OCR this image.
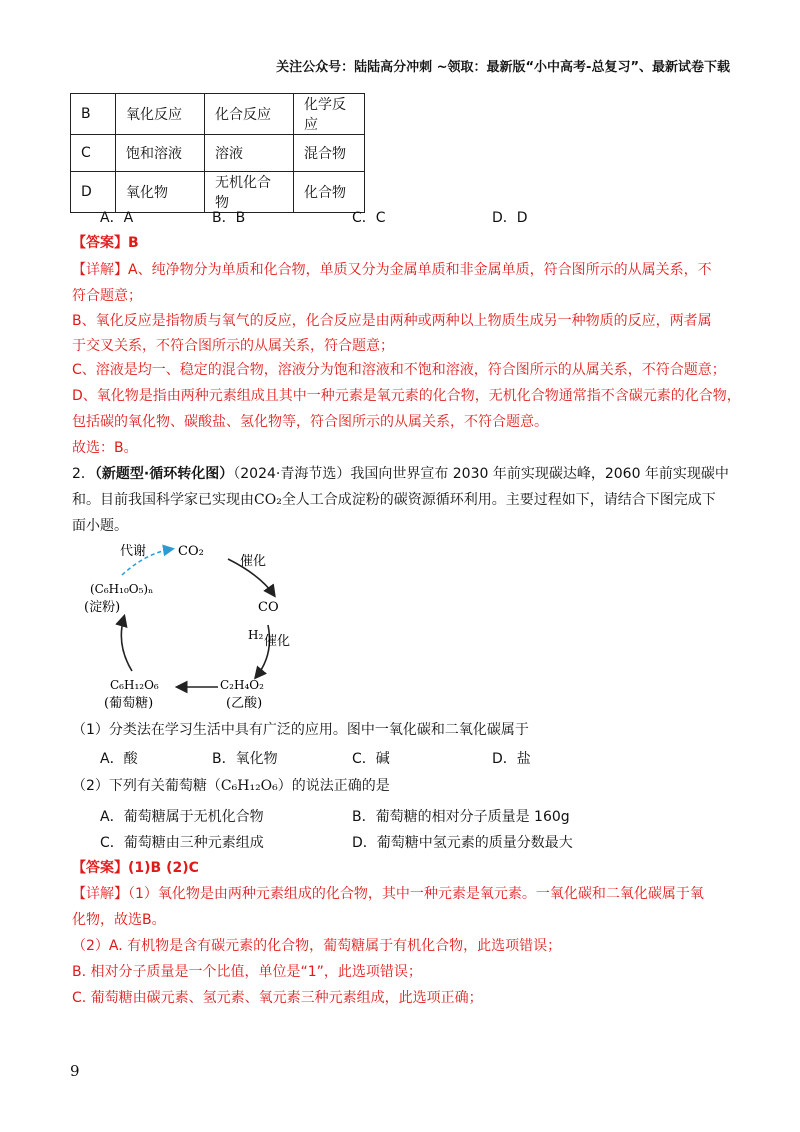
关注公众号：陆陆高分冲刺 ~领取：最新版“小中高考-总复习”、最新试卷下载
B	氧化反应	化合反应	化学反应
C	饱和溶液	溶液	混合物
D	氧化物	无机化合物	化合物
A．A	B．B	C．C	D．D
【答案】B
【详解】A、纯净物分为单质和化合物，单质又分为金属单质和非金属单质，符合图所示的从属关系，不
符合题意；
B、氧化反应是指物质与氧气的反应，化合反应是由两种或两种以上物质生成另一种物质的反应，两者属
于交叉关系，不符合图所示的从属关系，符合题意；
C、溶液是均一、稳定的混合物，溶液分为饱和溶液和不饱和溶液，符合图所示的从属关系，不符合题意；
D、氧化物是指由两种元素组成且其中一种元素是氧元素的化合物，无机化合物通常指不含碳元素的化合物，
包括碳的氧化物、碳酸盐、氢化物等，符合图所示的从属关系，不符合题意。
故选：B。
2．（新题型·循环转化图）（2024·青海节选）我国向世界宣布 2030 年前实现碳达峰，2060 年前实现碳中
和。目前我国科学家已实现由CO₂全人工合成淀粉的碳资源循环利用。主要过程如下，请结合下图完成下
面小题。
CO₂
催化
CO
H₂ 催化
C₂H₄O₂
(乙酸)
C₆H₁₂O₆
(葡萄糖)
(C₆H₁₀O₅)ₙ
(淀粉)
代谢
（1）分类法在学习生活中具有广泛的应用。图中一氧化碳和二氧化碳属于
A．酸	B．氧化物	C．碱	D．盐
（2）下列有关葡萄糖（C₆H₁₂O₆）的说法正确的是
A．葡萄糖属于无机化合物	B．葡萄糖的相对分子质量是 160g
C．葡萄糖由三种元素组成	D．葡萄糖中氢元素的质量分数最大
【答案】(1)B (2)C
【详解】（1）氧化物是由两种元素组成的化合物，其中一种元素是氧元素。一氧化碳和二氧化碳属于氧
化物，故选B。
（2）A. 有机物是含有碳元素的化合物，葡萄糖属于有机化合物，此选项错误；
B. 相对分子质量是一个比值，单位是“1”，此选项错误；
C. 葡萄糖由碳元素、氢元素、氧元素三种元素组成，此选项正确；
9
